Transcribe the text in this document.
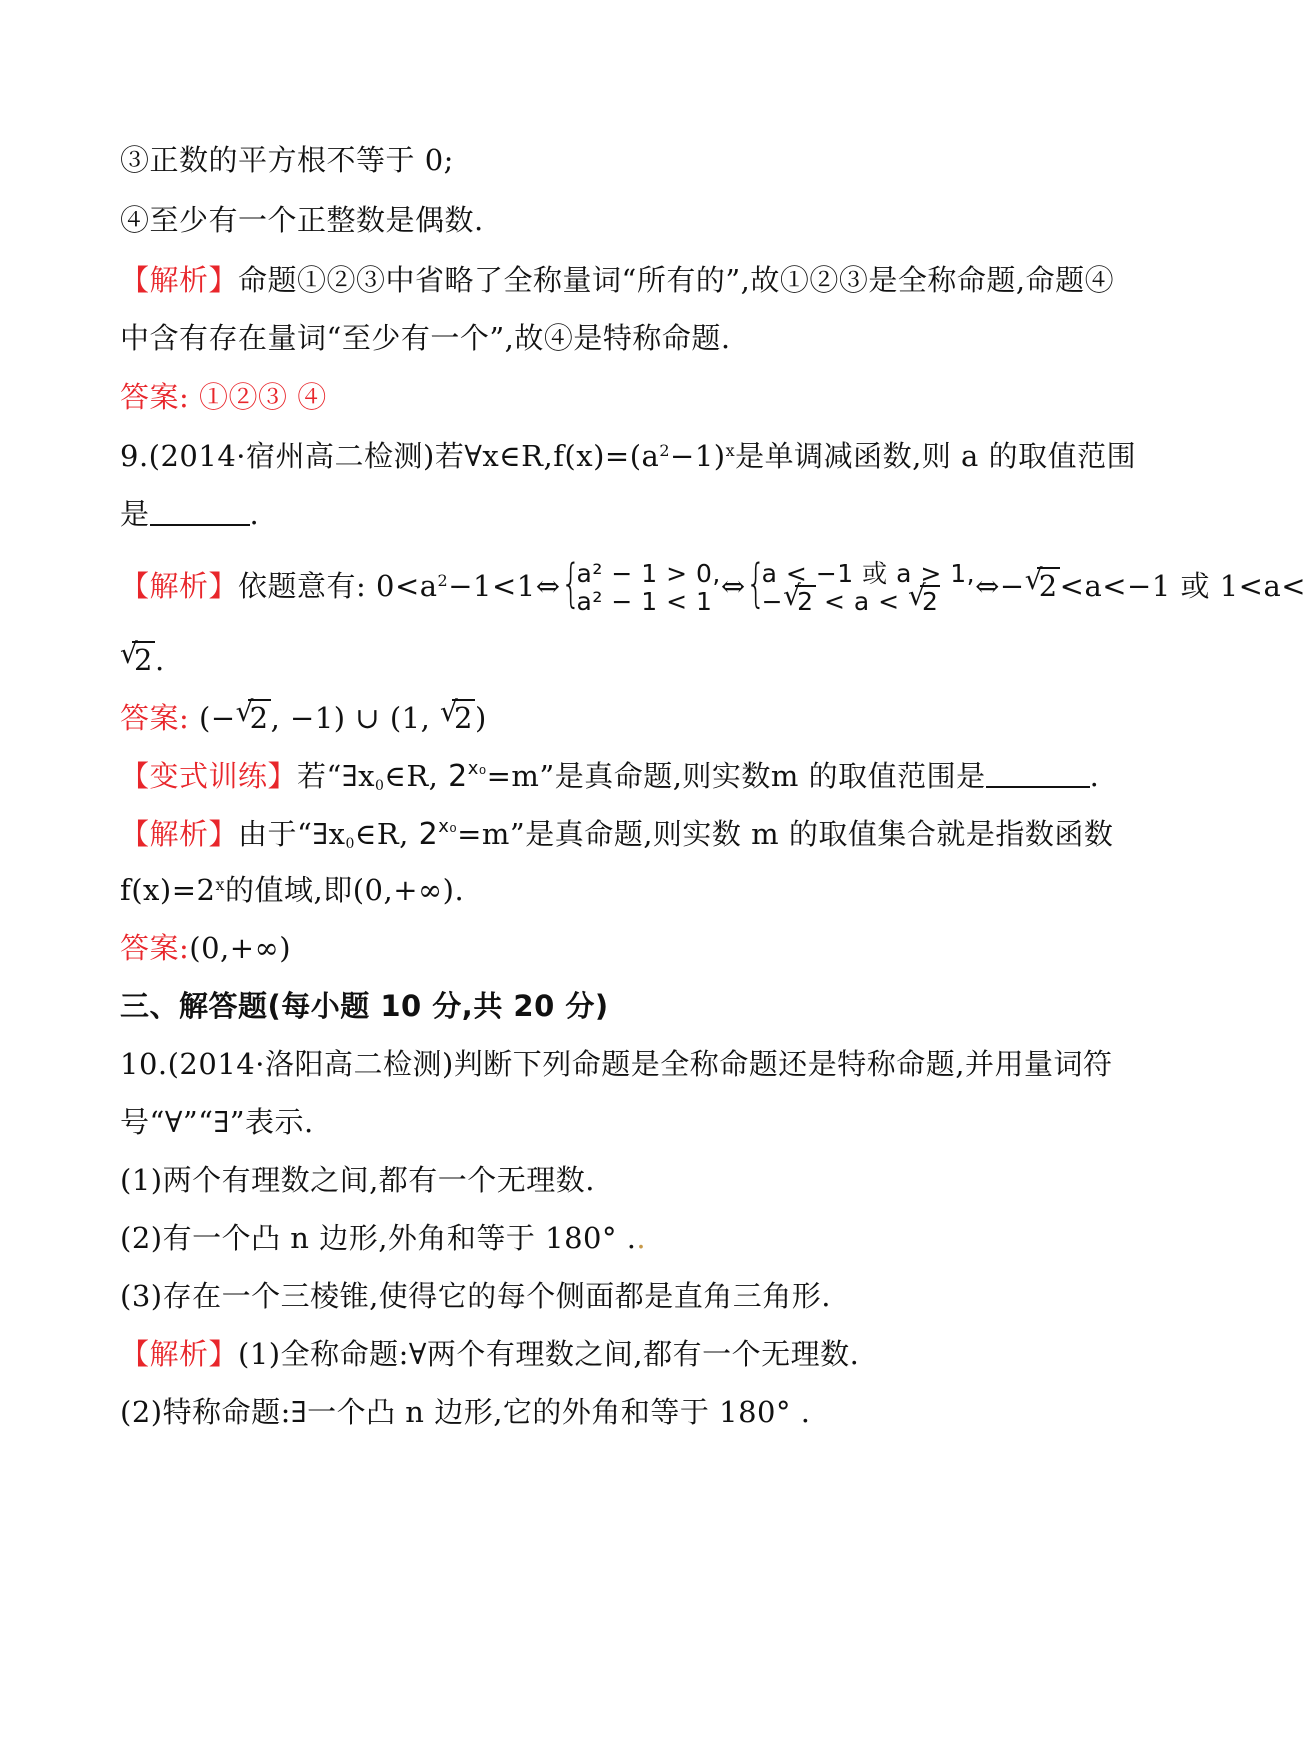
③正数的平方根不等于 0;
④至少有一个正整数是偶数.
【解析】命题①②③中省略了全称量词“所有的”,故①②③是全称命题,命题④
中含有存在量词“至少有一个”,故④是特称命题.
答案: ①②③ ④
9.(2014·宿州高二检测)若$\forall x\in R,f(x)=(a^2-1)^x$是单调减函数,则 a 的取值范围
是	.
【解析】依题意有: $0<a^2-1<1\Leftrightarrow$ {
a² − 1 > 0,
a² − 1 < 1 ⇔ {
a < −1 或 a > 1,
− √
2 < a < √
2	⇔− √
2<a<−1 或 1<a<
√
2.
答案: (− √
2, −1) ∪ (1, √
2)
【变式训练】若“$\exists x_0\in R$, $2^{x_0}=m$”是真命题,则实数m 的取值范围是	.
【解析】由于“$\exists x_0\in R$, $2^{x_0}=m$”是真命题,则实数 m 的取值集合就是指数函数
$f(x)=2^x$的值域,即(0,+∞).
答案:(0,+∞)
三、解答题(每小题 10 分,共 20 分)
10.(2014·洛阳高二检测)判断下列命题是全称命题还是特称命题,并用量词符
号“∀”“∃”表示.
(1)两个有理数之间,都有一个无理数.
(2)有一个凸 n 边形,外角和等于 180° ..
(3)存在一个三棱锥,使得它的每个侧面都是直角三角形.
【解析】(1)全称命题:∀两个有理数之间,都有一个无理数.
(2)特称命题:∃一个凸 n 边形,它的外角和等于 180° .
